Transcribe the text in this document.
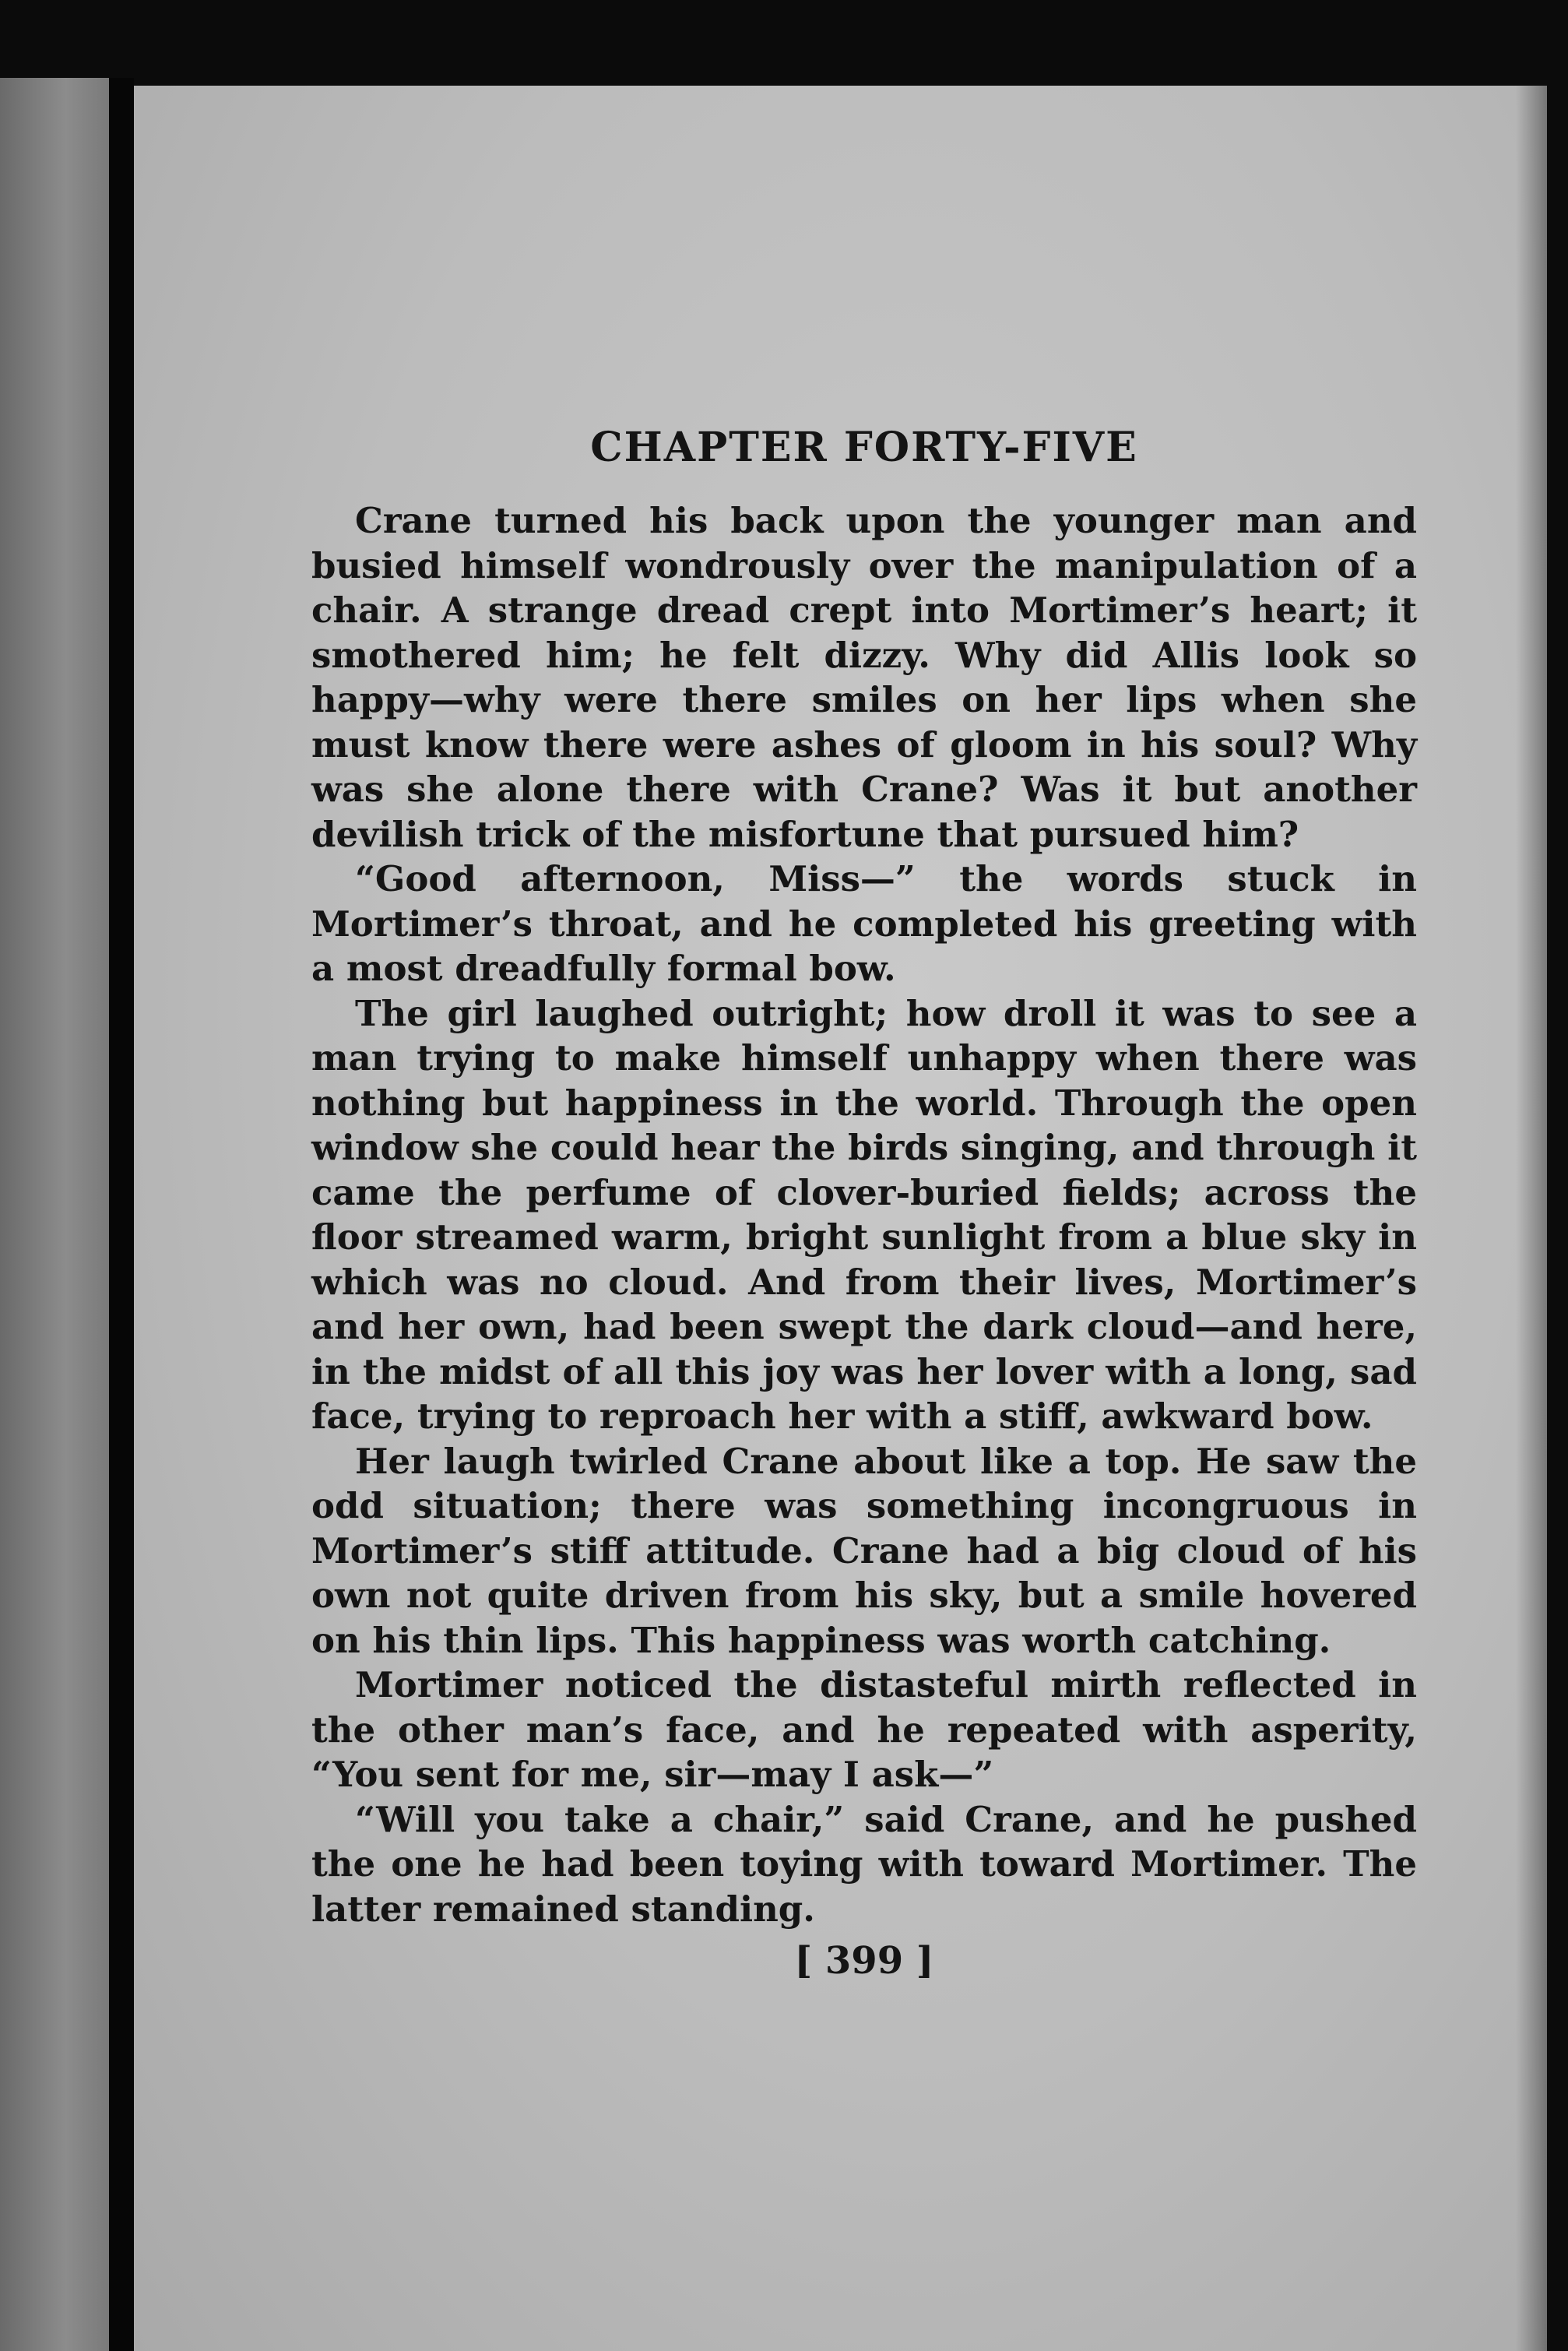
CHAPTER FORTY-FIVE

Crane turned his back upon the younger man and busied himself wondrously over the manipulation of a chair. A strange dread crept into Mortimer’s heart; it smothered him; he felt dizzy. Why did Allis look so happy—why were there smiles on her lips when she must know there were ashes of gloom in his soul? Why was she alone there with Crane? Was it but another devilish trick of the misfortune that pursued him?

“Good afternoon, Miss—” the words stuck in Mortimer’s throat, and he completed his greeting with a most dreadfully formal bow.

The girl laughed outright; how droll it was to see a man trying to make himself unhappy when there was nothing but happiness in the world. Through the open window she could hear the birds singing, and through it came the perfume of clover-buried fields; across the floor streamed warm, bright sunlight from a blue sky in which was no cloud. And from their lives, Mortimer’s and her own, had been swept the dark cloud—and here, in the midst of all this joy was her lover with a long, sad face, trying to reproach her with a stiff, awkward bow.

Her laugh twirled Crane about like a top. He saw the odd situation; there was something incongruous in Mortimer’s stiff attitude. Crane had a big cloud of his own not quite driven from his sky, but a smile hovered on his thin lips. This happiness was worth catching.

Mortimer noticed the distasteful mirth reflected in the other man’s face, and he repeated with asperity, “You sent for me, sir—may I ask—”

“Will you take a chair,” said Crane, and he pushed the one he had been toying with toward Mortimer. The latter remained standing.

[ 399 ]
